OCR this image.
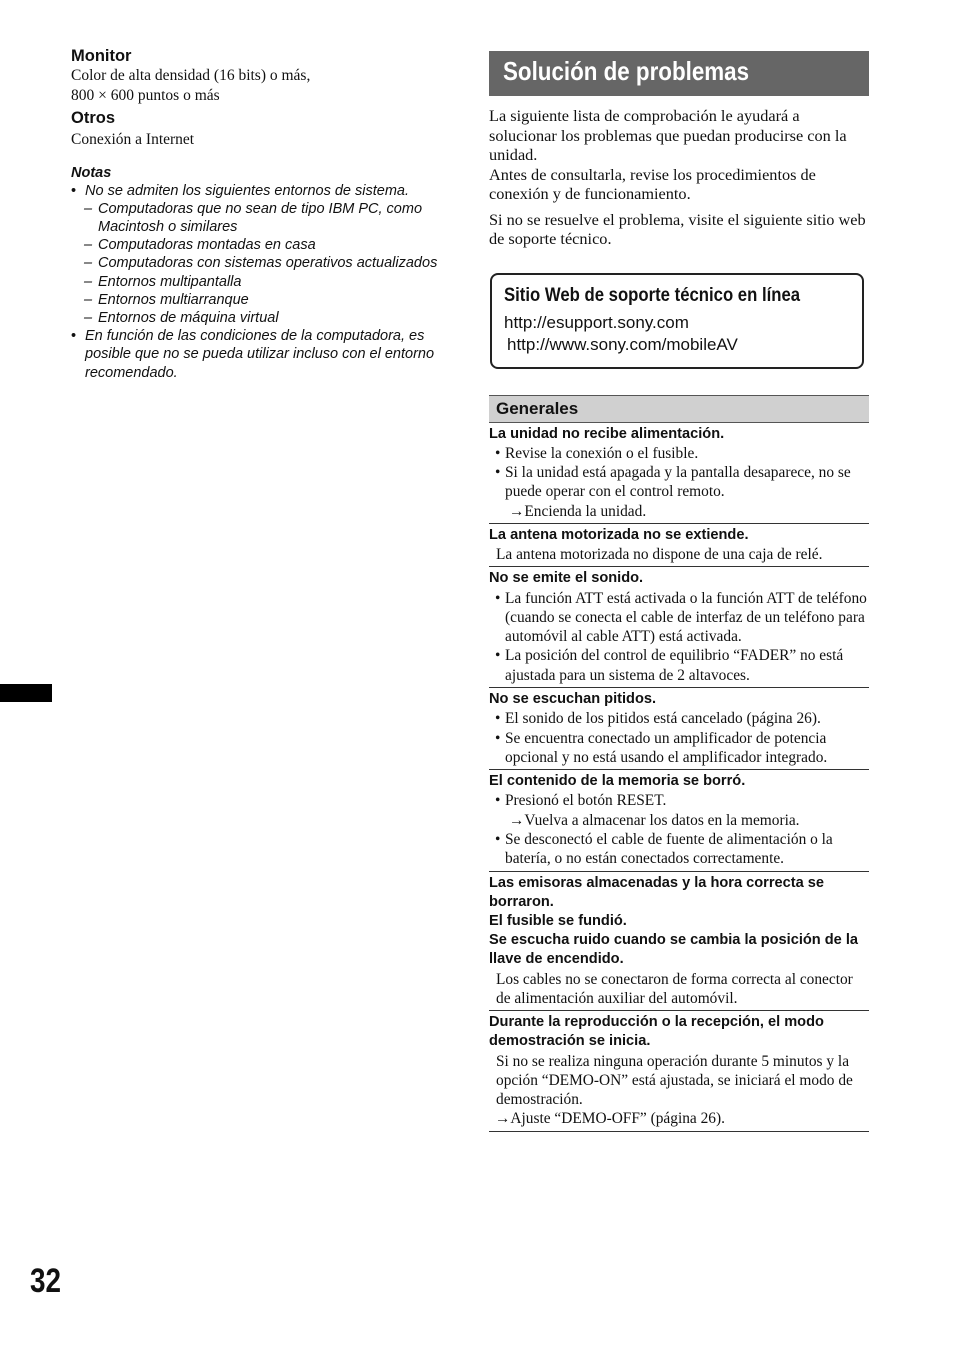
Monitor

Color de alta densidad (16 bits) o más,

800 × 600 puntos o más

Otros

Conexión a Internet

Notas

• No se admiten los siguientes entornos de sistema.
– Computadoras que no sean de tipo IBM PC, como Macintosh o similares
– Computadoras montadas en casa
– Computadoras con sistemas operativos actualizados
– Entornos multipantalla
– Entornos multiarranque
– Entornos de máquina virtual
• En función de las condiciones de la computadora, es posible que no se pueda utilizar incluso con el entorno recomendado.
32
Solución de problemas

La siguiente lista de comprobación le ayudará a solucionar los problemas que puedan producirse con la unidad.

Antes de consultarla, revise los procedimientos de conexión y de funcionamiento.

Si no se resuelve el problema, visite el siguiente sitio web de soporte técnico.

Sitio Web de soporte técnico en línea

http://esupport.sony.com

http://www.sony.com/mobileAV

Generales

La unidad no recibe alimentación.

• Revise la conexión o el fusible.

• Si la unidad está apagada y la pantalla desaparece, no se puede operar con el control remoto.

→Encienda la unidad.

La antena motorizada no se extiende.

La antena motorizada no dispone de una caja de relé.

No se emite el sonido.

• La función ATT está activada o la función ATT de teléfono (cuando se conecta el cable de interfaz de un teléfono para automóvil al cable ATT) está activada.

• La posición del control de equilibrio “FADER” no está ajustada para un sistema de 2 altavoces.

No se escuchan pitidos.

• El sonido de los pitidos está cancelado (página 26).

• Se encuentra conectado un amplificador de potencia opcional y no está usando el amplificador integrado.

El contenido de la memoria se borró.

• Presionó el botón RESET.

→Vuelva a almacenar los datos en la memoria.

• Se desconectó el cable de fuente de alimentación o la batería, o no están conectados correctamente.

Las emisoras almacenadas y la hora correcta se borraron.

El fusible se fundió.

Se escucha ruido cuando se cambia la posición de la llave de encendido.

Los cables no se conectaron de forma correcta al conector de alimentación auxiliar del automóvil.

Durante la reproducción o la recepción, el modo demostración se inicia.

Si no se realiza ninguna operación durante 5 minutos y la opción “DEMO-ON” está ajustada, se iniciará el modo de demostración.

→Ajuste “DEMO-OFF” (página 26).
